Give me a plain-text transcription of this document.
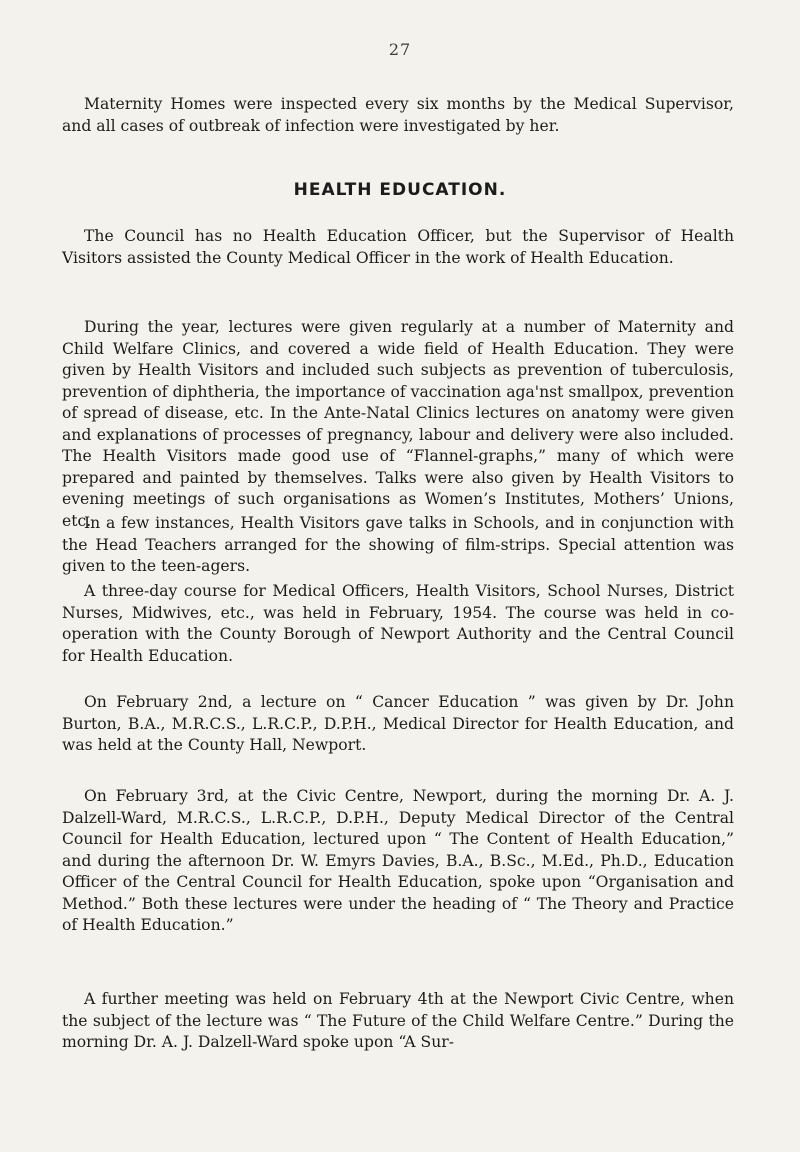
27

Maternity Homes were inspected every six months by the Medical Supervisor, and all cases of outbreak of infection were investigated by her.

HEALTH EDUCATION.

The Council has no Health Education Officer, but the Supervisor of Health Visitors assisted the County Medical Officer in the work of Health Education.

During the year, lectures were given regularly at a number of Maternity and Child Welfare Clinics, and covered a wide field of Health Education. They were given by Health Visitors and included such subjects as prevention of tuberculosis, prevention of diphtheria, the importance of vaccination aga'nst smallpox, prevention of spread of disease, etc. In the Ante-Natal Clinics lectures on anatomy were given and explanations of processes of pregnancy, labour and delivery were also included. The Health Visitors made good use of “Flannel-graphs,” many of which were prepared and painted by themselves. Talks were also given by Health Visitors to evening meetings of such organisations as Women’s Institutes, Mothers’ Unions, etc.

In a few instances, Health Visitors gave talks in Schools, and in conjunction with the Head Teachers arranged for the showing of film-strips. Special attention was given to the teen-agers.

A three-day course for Medical Officers, Health Visitors, School Nurses, District Nurses, Midwives, etc., was held in February, 1954. The course was held in co-operation with the County Borough of Newport Authority and the Central Council for Health Education.

On February 2nd, a lecture on “ Cancer Education ” was given by Dr. John Burton, B.A., M.R.C.S., L.R.C.P., D.P.H., Medical Director for Health Education, and was held at the County Hall, Newport.

On February 3rd, at the Civic Centre, Newport, during the morning Dr. A. J. Dalzell-Ward, M.R.C.S., L.R.C.P., D.P.H., Deputy Medical Director of the Central Council for Health Education, lectured upon “ The Content of Health Education,” and during the afternoon Dr. W. Emyrs Davies, B.A., B.Sc., M.Ed., Ph.D., Education Officer of the Central Council for Health Education, spoke upon “Organisation and Method.” Both these lectures were under the heading of “ The Theory and Practice of Health Education.”

A further meeting was held on February 4th at the Newport Civic Centre, when the subject of the lecture was “ The Future of the Child Welfare Centre.” During the morning Dr. A. J. Dalzell-Ward spoke upon “A Sur-
